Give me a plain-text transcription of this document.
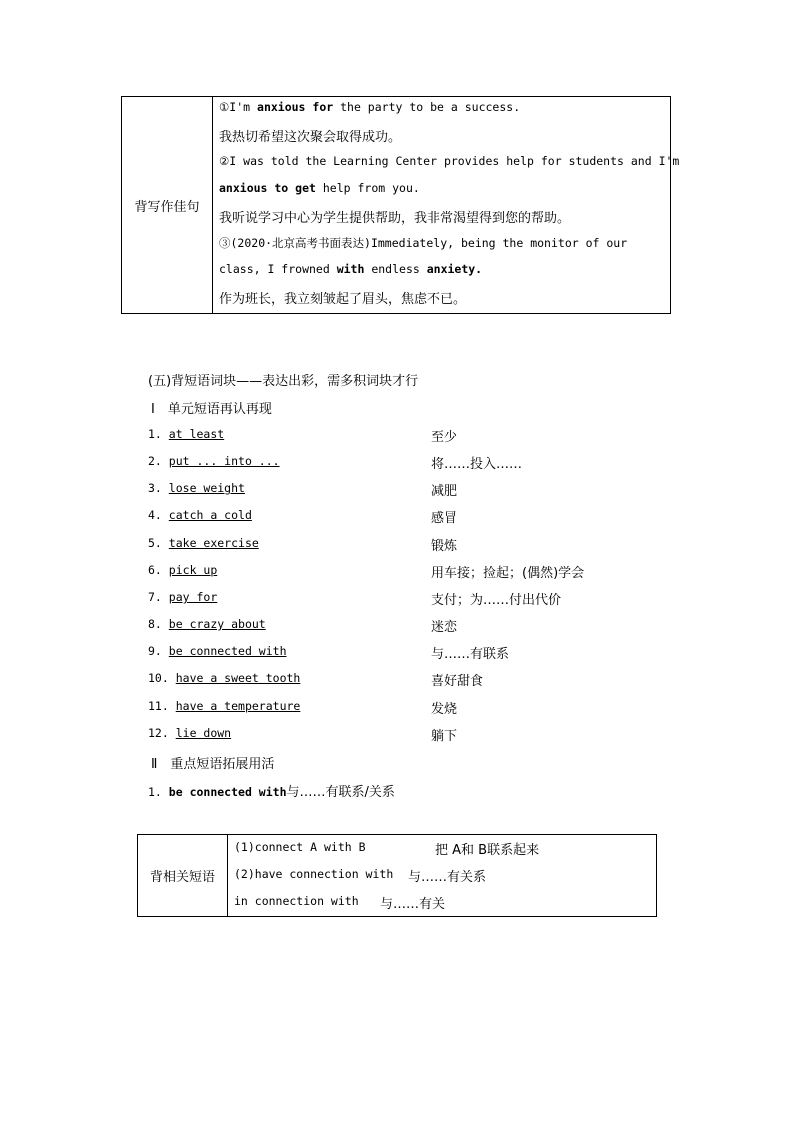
背写作佳句
①I'm anxious for the party to be a success.
我热切希望这次聚会取得成功。
②I was told the Learning Center provides help for students and I'm
anxious to get help from you.
我听说学习中心为学生提供帮助，我非常渴望得到您的帮助。
③(2020·北京高考书面表达)Immediately, being the monitor of our
class, I frowned with endless anxiety.
作为班长，我立刻皱起了眉头，焦虑不已。
(五)背短语词块——表达出彩，需多积词块才行
Ⅰ　单元短语再认再现
1. at least	至少
2. put ... into ...	将……投入……
3. lose weight	减肥
4. catch a cold	感冒
5. take exercise	锻炼
6. pick up	用车接；捡起；(偶然)学会
7. pay for	支付；为……付出代价
8. be crazy about	迷恋
9. be connected with	与……有联系
10. have a sweet tooth	喜好甜食
11. have a temperature	发烧
12. lie down	躺下
Ⅱ　重点短语拓展用活
1. be connected with与……有联系/关系
背相关短语
(1)connect A with B	把 A和 B联系起来
(2)have connection with 与……有关系
in connection with 与……有关
